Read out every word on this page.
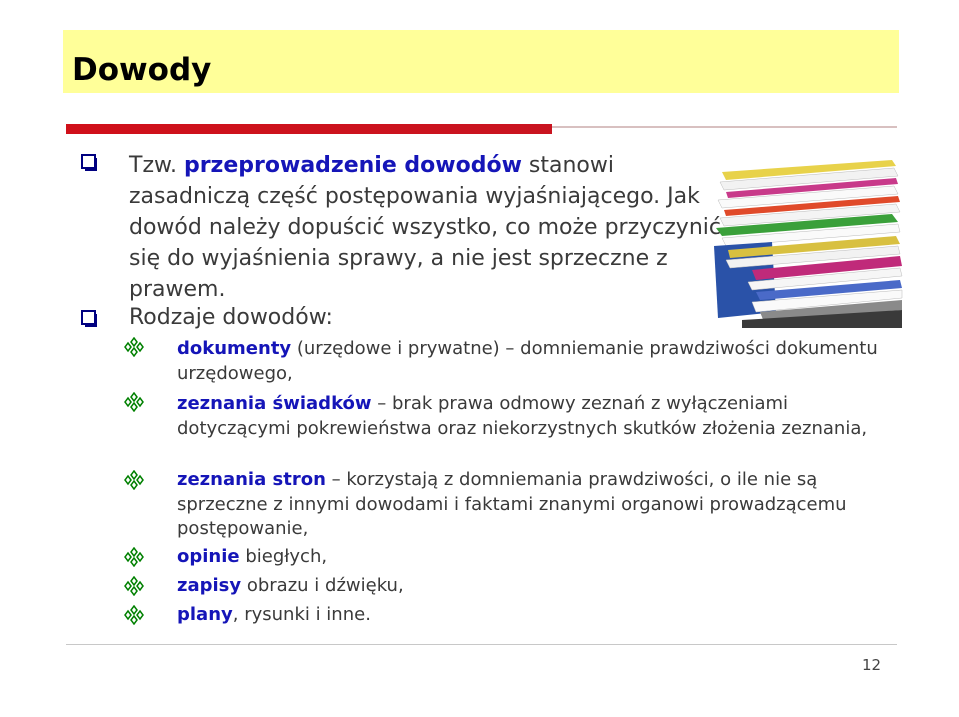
Dowody
Tzw. przeprowadzenie dowodów stanowi zasadniczą część postępowania wyjaśniającego. Jak dowód należy dopuścić wszystko, co może przyczynić się do wyjaśnienia sprawy, a nie jest sprzeczne z prawem.
Rodzaje dowodów:
dokumenty (urzędowe i prywatne) – domniemanie prawdziwości dokumentu urzędowego,
zeznania świadków – brak prawa odmowy zeznań z wyłączeniami dotyczącymi pokrewieństwa oraz niekorzystnych skutków złożenia zeznania,
zeznania stron – korzystają z domniemania prawdziwości, o ile nie są sprzeczne z innymi dowodami i faktami znanymi organowi prowadzącemu postępowanie,
opinie biegłych,
zapisy obrazu i dźwięku,
plany, rysunki i inne.
12
